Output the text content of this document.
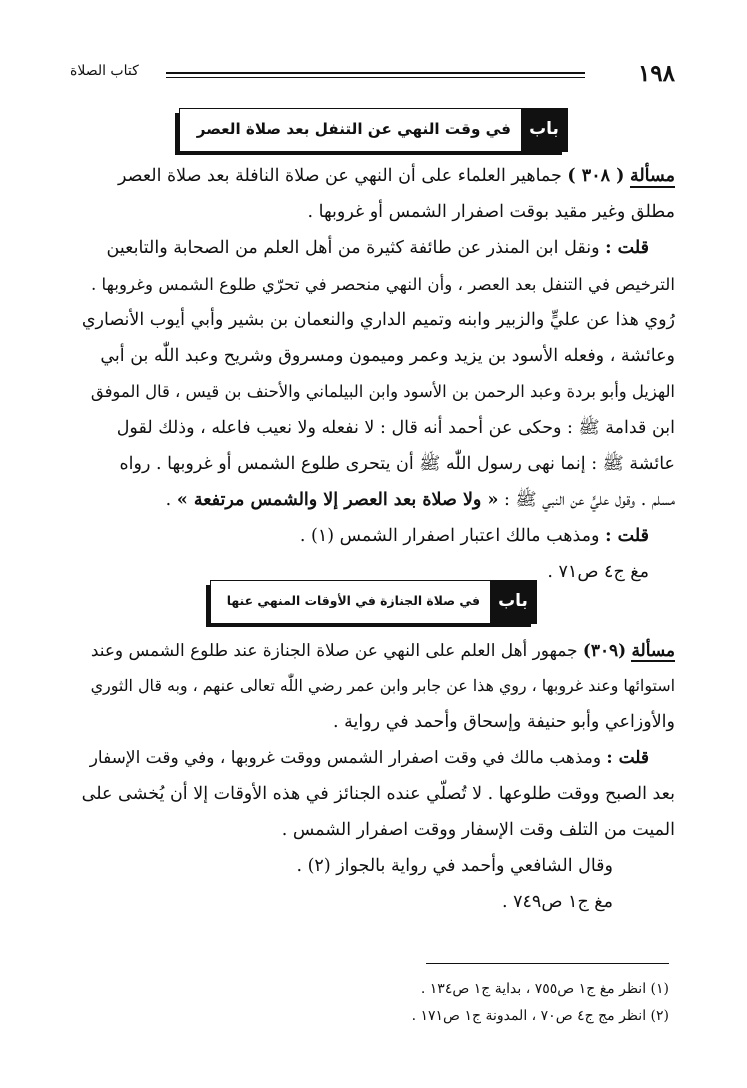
١٩٨
كتاب الصلاة
باب
في وقت النهي عن التنفل بعد صلاة العصر
مسألة ( ٣٠٨ ) جماهير العلماء على أن النهي عن صلاة النافلة بعد صلاة العصر
مطلق وغير مقيد بوقت اصفرار الشمس أو غروبها .
قلت : ونقل ابن المنذر عن طائفة كثيرة من أهل العلم من الصحابة والتابعين
الترخيص في التنفل بعد العصر ، وأن النهي منحصر في تحرّي طلوع الشمس وغروبها .
رُوي هذا عن عليٍّ والزبير وابنه وتميم الداري والنعمان بن بشير وأبي أيوب الأنصاري
وعائشة ، وفعله الأسود بن يزيد وعمر وميمون ومسروق وشريح وعبد اللّٰه بن أبي
الهزيل وأبو بردة وعبد الرحمن بن الأسود وابن البيلماني والأحنف بن قيس ، قال الموفق
ابن قدامة ﷺ : وحكى عن أحمد أنه قال : لا نفعله ولا نعيب فاعله ، وذلك لقول
عائشة ﷺ : إنما نهى رسول اللّٰه ﷺ أن يتحرى طلوع الشمس أو غروبها . رواه
مسلم . وقول عليٍّ عن النبي ﷺ : « ولا صلاة بعد العصر إلا والشمس مرتفعة » .
قلت : ومذهب مالك اعتبار اصفرار الشمس (١) .
مغ ج٤ ص٧١ .
باب
في صلاة الجنازة في الأوقات المنهي عنها
مسألة (٣٠٩) جمهور أهل العلم على النهي عن صلاة الجنازة عند طلوع الشمس وعند
استوائها وعند غروبها ، روي هذا عن جابر وابن عمر رضي اللّٰه تعالى عنهم ، وبه قال الثوري
والأوزاعي وأبو حنيفة وإسحاق وأحمد في رواية .
قلت : ومذهب مالك في وقت اصفرار الشمس ووقت غروبها ، وفي وقت الإسفار
بعد الصبح ووقت طلوعها . لا تُصلّي عنده الجنائز في هذه الأوقات إلا أن يُخشى على
الميت من التلف وقت الإسفار ووقت اصفرار الشمس .
وقال الشافعي وأحمد في رواية بالجواز (٢) .
مغ ج١ ص٧٤٩ .
(١) انظر مغ ج١ ص٧٥٥ ، بداية ج١ ص١٣٤ .
(٢) انظر مج ج٤ ص٧٠ ، المدونة ج١ ص١٧١ .
